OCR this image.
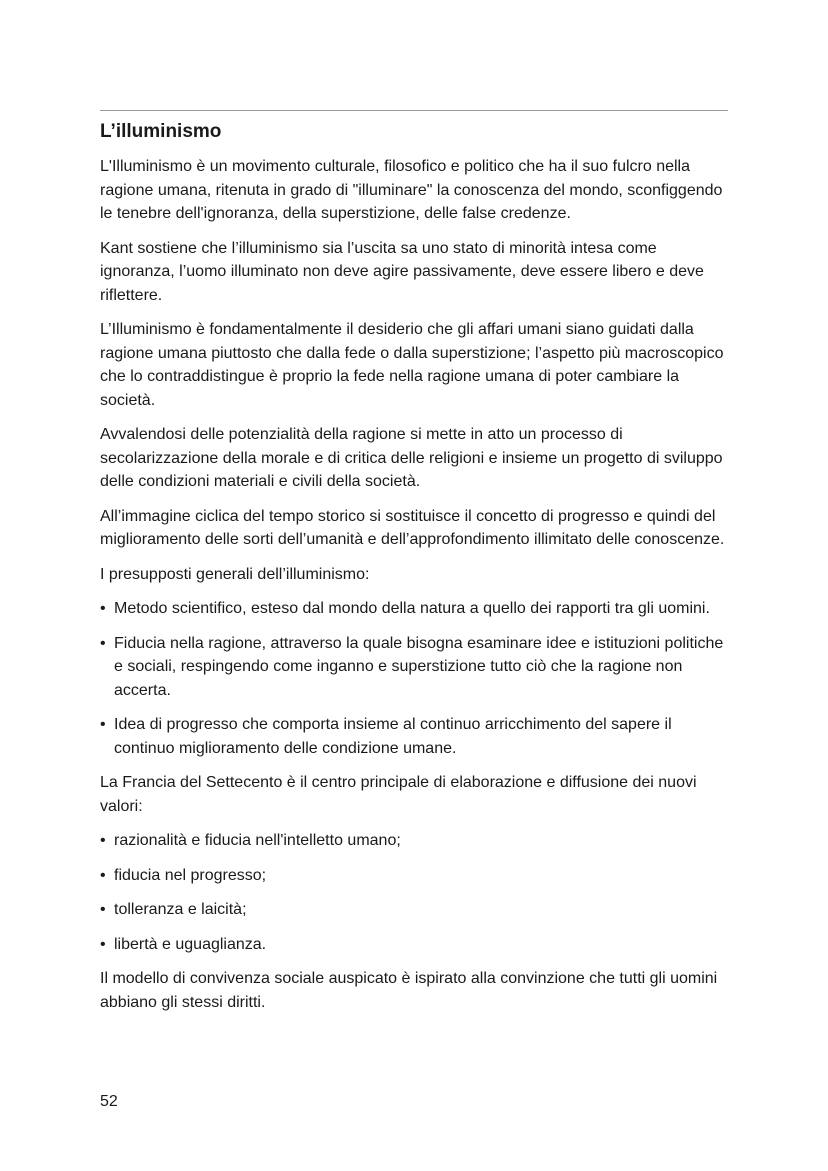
L’illuminismo

L'Illuminismo è un movimento culturale, filosofico e politico che ha il suo fulcro nella ragione umana, ritenuta in grado di "illuminare" la conoscenza del mondo, sconfiggendo le tenebre dell'ignoranza, della superstizione, delle false credenze.

Kant sostiene che l’illuminismo sia l’uscita sa uno stato di minorità intesa come ignoranza, l’uomo illuminato non deve agire passivamente, deve essere libero e deve riflettere.

L’Illuminismo è fondamentalmente il desiderio che gli affari umani siano guidati dalla ragione umana piuttosto che dalla fede o dalla superstizione; l’aspetto più macroscopico che lo contraddistingue è proprio la fede nella ragione umana di poter cambiare la società.

Avvalendosi delle potenzialità della ragione si mette in atto un processo di secolarizzazione della morale e di critica delle religioni e insieme un progetto di sviluppo delle condizioni materiali e civili della società.

All’immagine ciclica del tempo storico si sostituisce il concetto di progresso e quindi del miglioramento delle sorti dell’umanità e dell’approfondimento illimitato delle conoscenze.

I presupposti generali dell’illuminismo:

• Metodo scientifico, esteso dal mondo della natura a quello dei rapporti tra gli uomini.
• Fiducia nella ragione, attraverso la quale bisogna esaminare idee e istituzioni politiche e sociali, respingendo come inganno e superstizione tutto ciò che la ragione non accerta.
• Idea di progresso che comporta insieme al continuo arricchimento del sapere il continuo miglioramento delle condizione umane.

La Francia del Settecento è il centro principale di elaborazione e diffusione dei nuovi valori:

• razionalità e fiducia nell'intelletto umano;
• fiducia nel progresso;
• tolleranza e laicità;
• libertà e uguaglianza.

Il modello di convivenza sociale auspicato è ispirato alla convinzione che tutti gli uomini abbiano gli stessi diritti.

52
